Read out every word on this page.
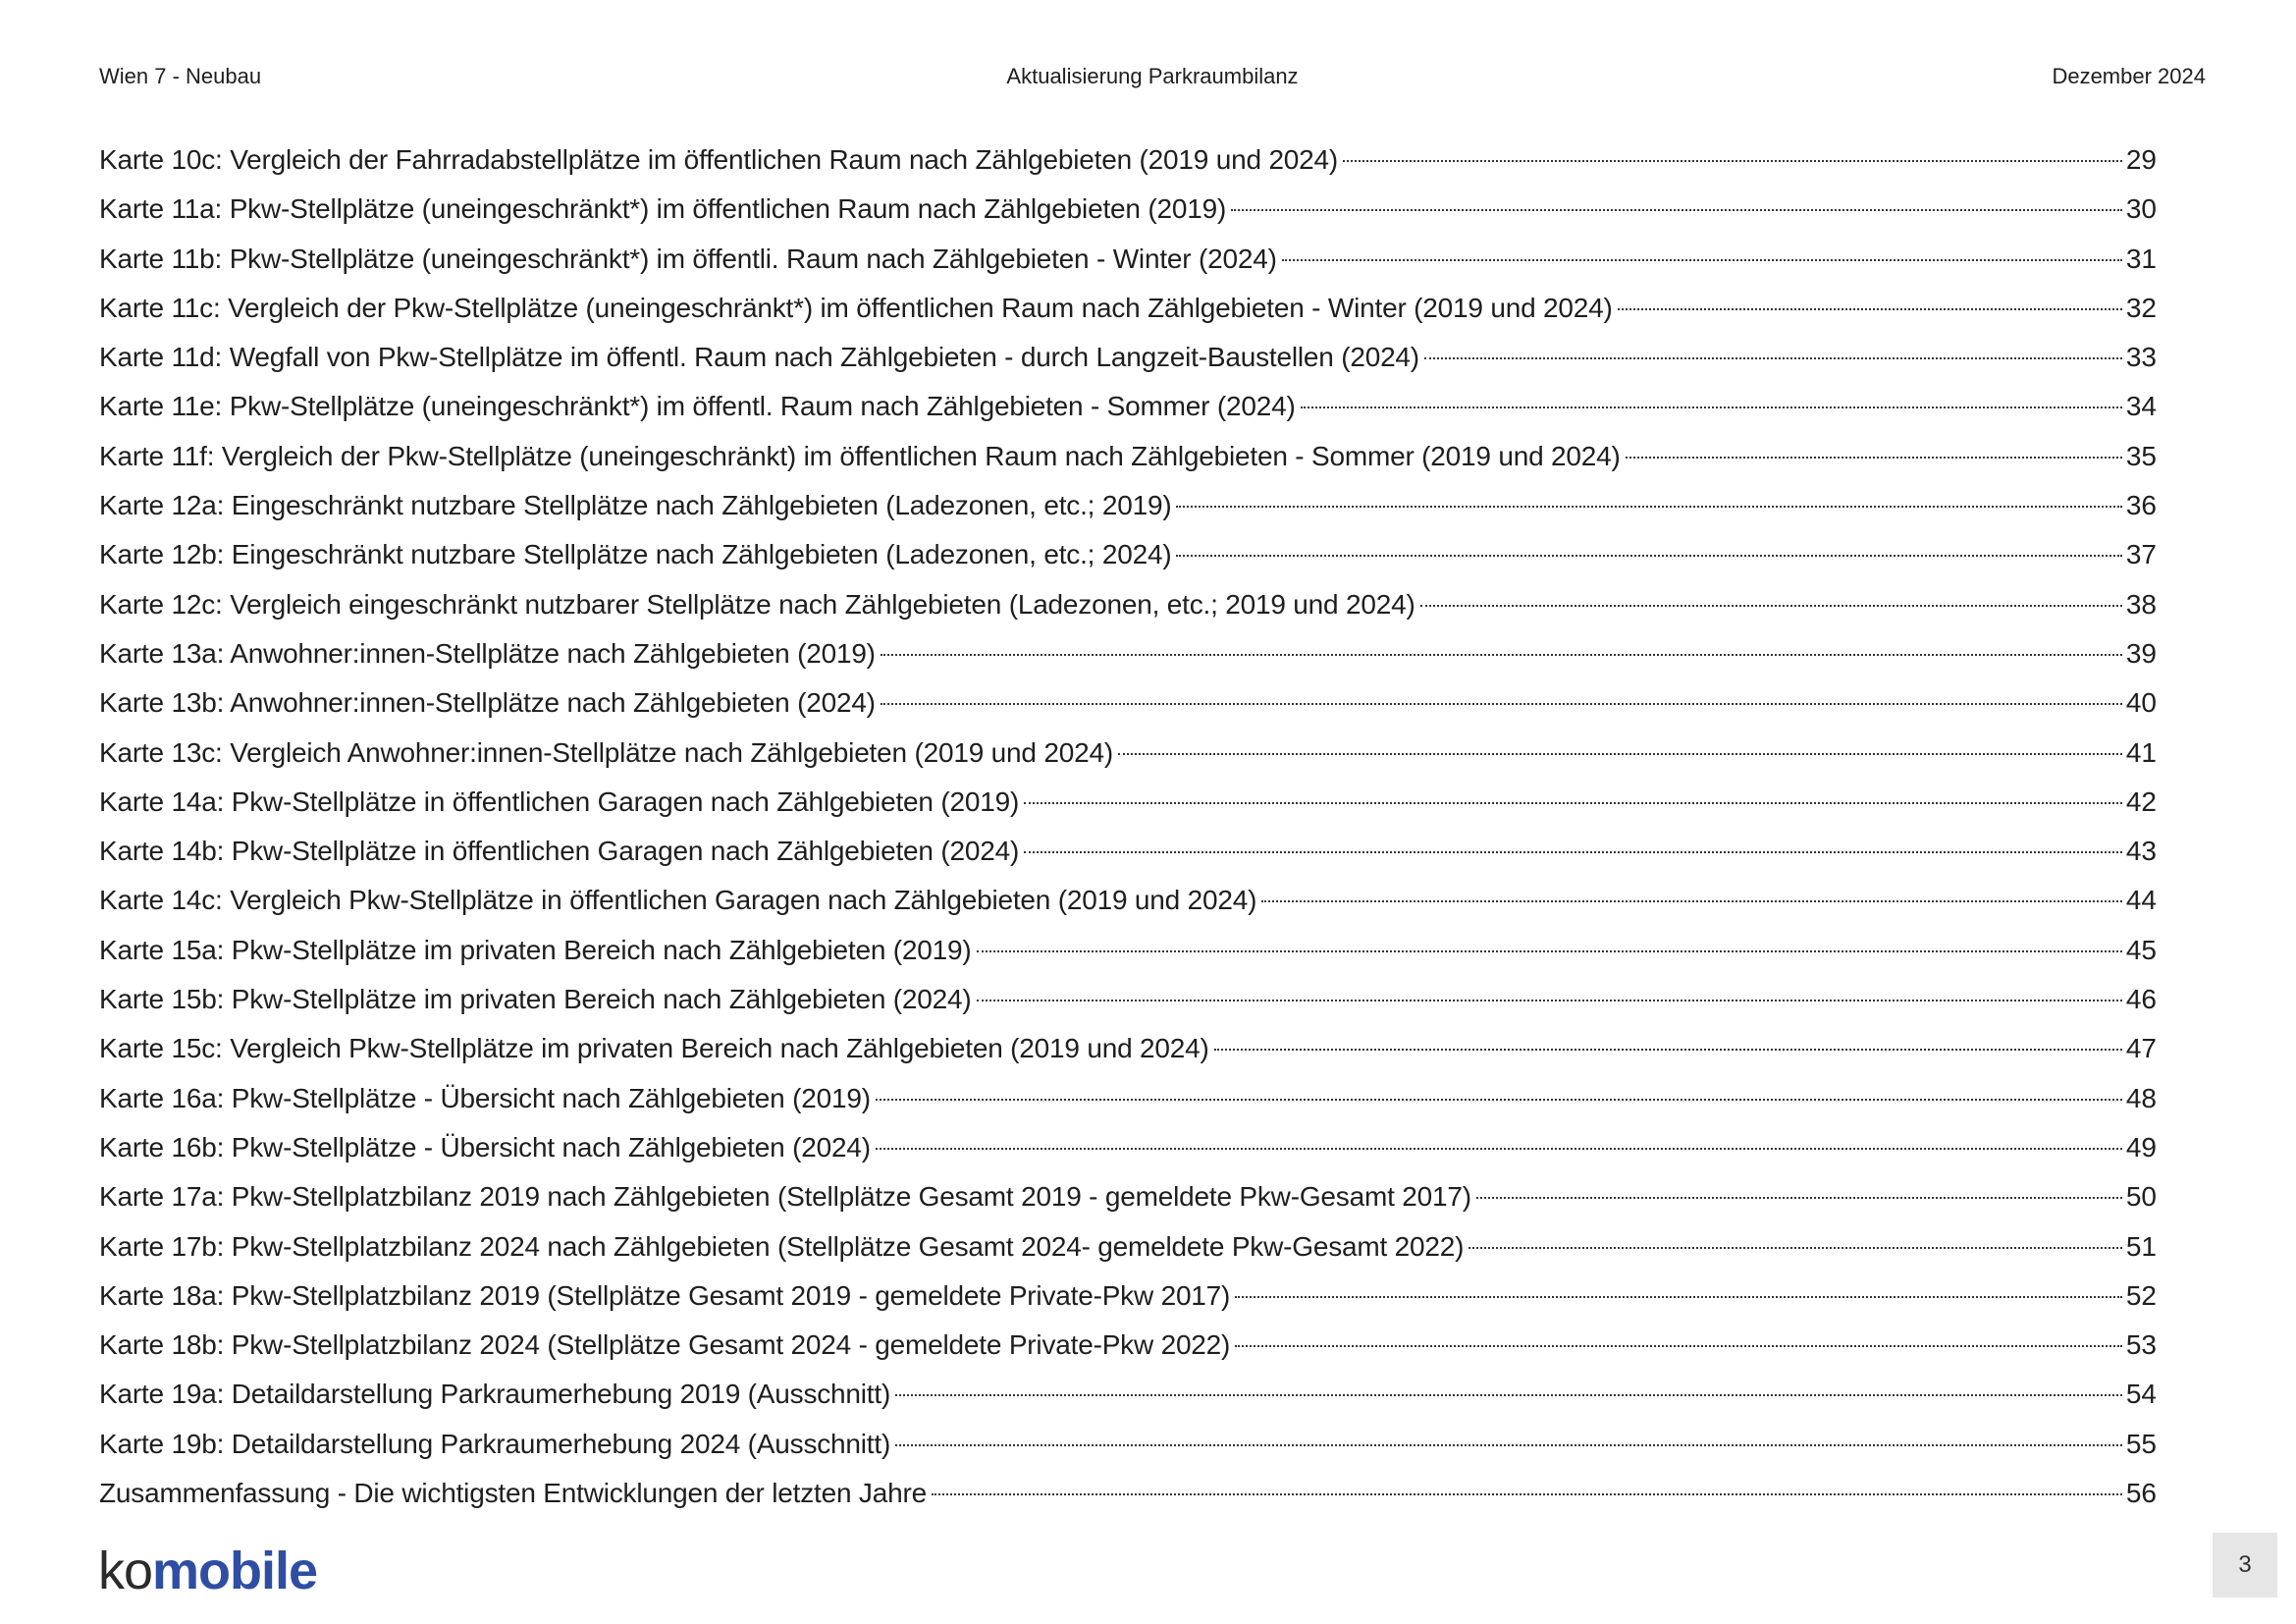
Wien 7 - Neubau	Aktualisierung Parkraumbilanz	Dezember 2024
Karte 10c: Vergleich der Fahrradabstellplätze im öffentlichen Raum nach Zählgebieten (2019 und 2024)	29
Karte 11a: Pkw-Stellplätze (uneingeschränkt*) im öffentlichen Raum nach Zählgebieten (2019)	30
Karte 11b: Pkw-Stellplätze (uneingeschränkt*) im öffentli. Raum nach Zählgebieten - Winter (2024)	31
Karte 11c: Vergleich der Pkw-Stellplätze (uneingeschränkt*) im öffentlichen Raum nach Zählgebieten - Winter (2019 und 2024)	32
Karte 11d: Wegfall von Pkw-Stellplätze im öffentl. Raum nach Zählgebieten - durch Langzeit-Baustellen (2024)	33
Karte 11e: Pkw-Stellplätze (uneingeschränkt*) im öffentl. Raum nach Zählgebieten - Sommer (2024)	34
Karte 11f: Vergleich der Pkw-Stellplätze (uneingeschränkt) im öffentlichen Raum nach Zählgebieten - Sommer (2019 und 2024)	35
Karte 12a: Eingeschränkt nutzbare Stellplätze nach Zählgebieten (Ladezonen, etc.; 2019)	36
Karte 12b: Eingeschränkt nutzbare Stellplätze nach Zählgebieten (Ladezonen, etc.; 2024)	37
Karte 12c: Vergleich eingeschränkt nutzbarer Stellplätze nach Zählgebieten (Ladezonen, etc.; 2019 und 2024)	38
Karte 13a: Anwohner:innen-Stellplätze nach Zählgebieten (2019)	39
Karte 13b: Anwohner:innen-Stellplätze nach Zählgebieten (2024)	40
Karte 13c: Vergleich Anwohner:innen-Stellplätze nach Zählgebieten (2019 und 2024)	41
Karte 14a: Pkw-Stellplätze in öffentlichen Garagen nach Zählgebieten (2019)	42
Karte 14b: Pkw-Stellplätze in öffentlichen Garagen nach Zählgebieten (2024)	43
Karte 14c: Vergleich Pkw-Stellplätze in öffentlichen Garagen nach Zählgebieten (2019 und 2024)	44
Karte 15a: Pkw-Stellplätze im privaten Bereich nach Zählgebieten (2019)	45
Karte 15b: Pkw-Stellplätze im privaten Bereich nach Zählgebieten (2024)	46
Karte 15c: Vergleich Pkw-Stellplätze im privaten Bereich nach Zählgebieten (2019 und 2024)	47
Karte 16a: Pkw-Stellplätze - Übersicht nach Zählgebieten (2019)	48
Karte 16b: Pkw-Stellplätze - Übersicht nach Zählgebieten (2024)	49
Karte 17a: Pkw-Stellplatzbilanz 2019 nach Zählgebieten (Stellplätze Gesamt 2019 - gemeldete Pkw-Gesamt 2017)	50
Karte 17b: Pkw-Stellplatzbilanz 2024 nach Zählgebieten (Stellplätze Gesamt 2024- gemeldete Pkw-Gesamt 2022)	51
Karte 18a: Pkw-Stellplatzbilanz 2019 (Stellplätze Gesamt 2019 - gemeldete Private-Pkw 2017)	52
Karte 18b: Pkw-Stellplatzbilanz 2024 (Stellplätze Gesamt 2024 - gemeldete Private-Pkw 2022)	53
Karte 19a: Detaildarstellung Parkraumerhebung 2019 (Ausschnitt)	54
Karte 19b: Detaildarstellung Parkraumerhebung 2024 (Ausschnitt)	55
Zusammenfassung - Die wichtigsten Entwicklungen der letzten Jahre	56
komobile	3
